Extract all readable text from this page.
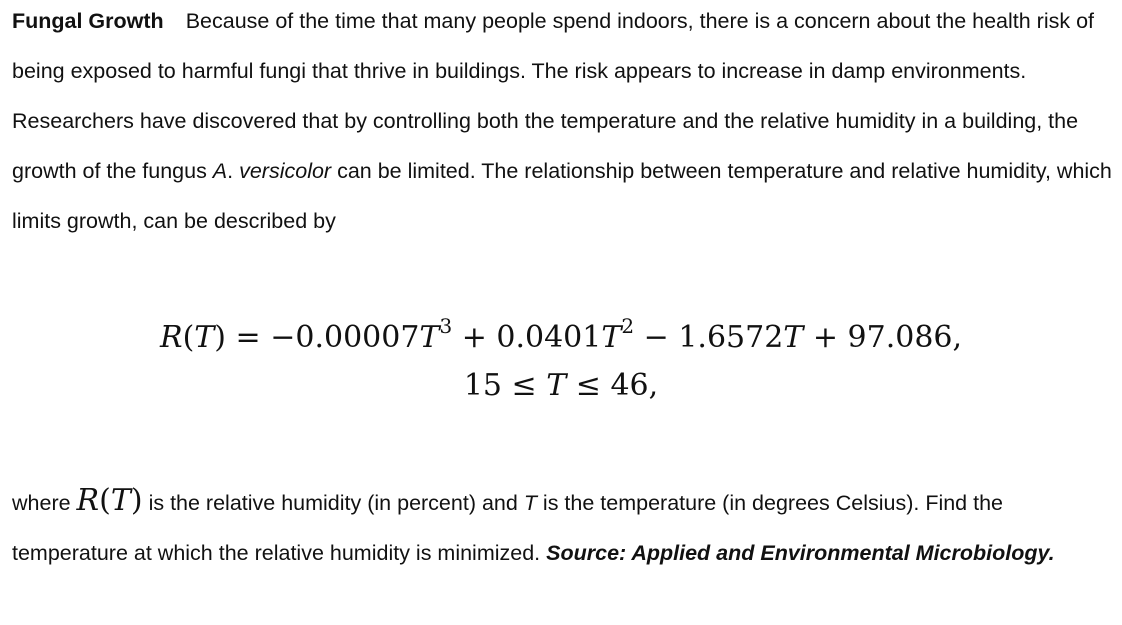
Fungal Growth Because of the time that many people spend indoors, there is a concern about the health risk of being exposed to harmful fungi that thrive in buildings. The risk appears to increase in damp environments. Researchers have discovered that by controlling both the temperature and the relative humidity in a building, the growth of the fungus A. versicolor can be limited. The relationship between temperature and relative humidity, which limits growth, can be described by

$R(T) = -0.00007T^3 + 0.0401T^2 - 1.6572T + 97.086$,
15 ≤ T ≤ 46,

where R(T) is the relative humidity (in percent) and T is the temperature (in degrees Celsius). Find the temperature at which the relative humidity is minimized. Source: Applied and Environmental Microbiology.
